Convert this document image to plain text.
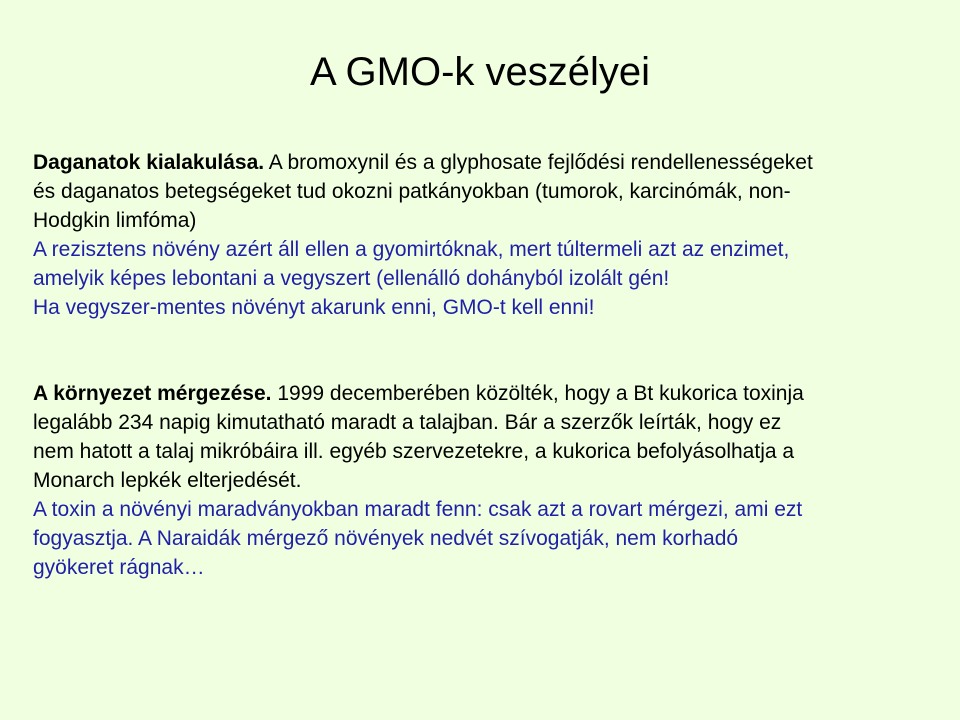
A GMO-k veszélyei
Daganatok kialakulása. A bromoxynil és a glyphosate fejlődési rendellenességeket
és daganatos betegségeket tud okozni patkányokban (tumorok, karcinómák, non-
Hodgkin limfóma)
A rezisztens növény azért áll ellen a gyomirtóknak, mert túltermeli azt az enzimet,
amelyik képes lebontani a vegyszert (ellenálló dohányból izolált gén!
Ha vegyszer-mentes növényt akarunk enni, GMO-t kell enni!
A környezet mérgezése. 1999 decemberében közölték, hogy a Bt kukorica toxinja
legalább 234 napig kimutatható maradt a talajban. Bár a szerzők leírták, hogy ez
nem hatott a talaj mikróbáira ill. egyéb szervezetekre, a kukorica befolyásolhatja a
Monarch lepkék elterjedését.
A toxin a növényi maradványokban maradt fenn: csak azt a rovart mérgezi, ami ezt
fogyasztja. A Naraidák mérgező növények nedvét szívogatják, nem korhadó
gyökeret rágnak…
